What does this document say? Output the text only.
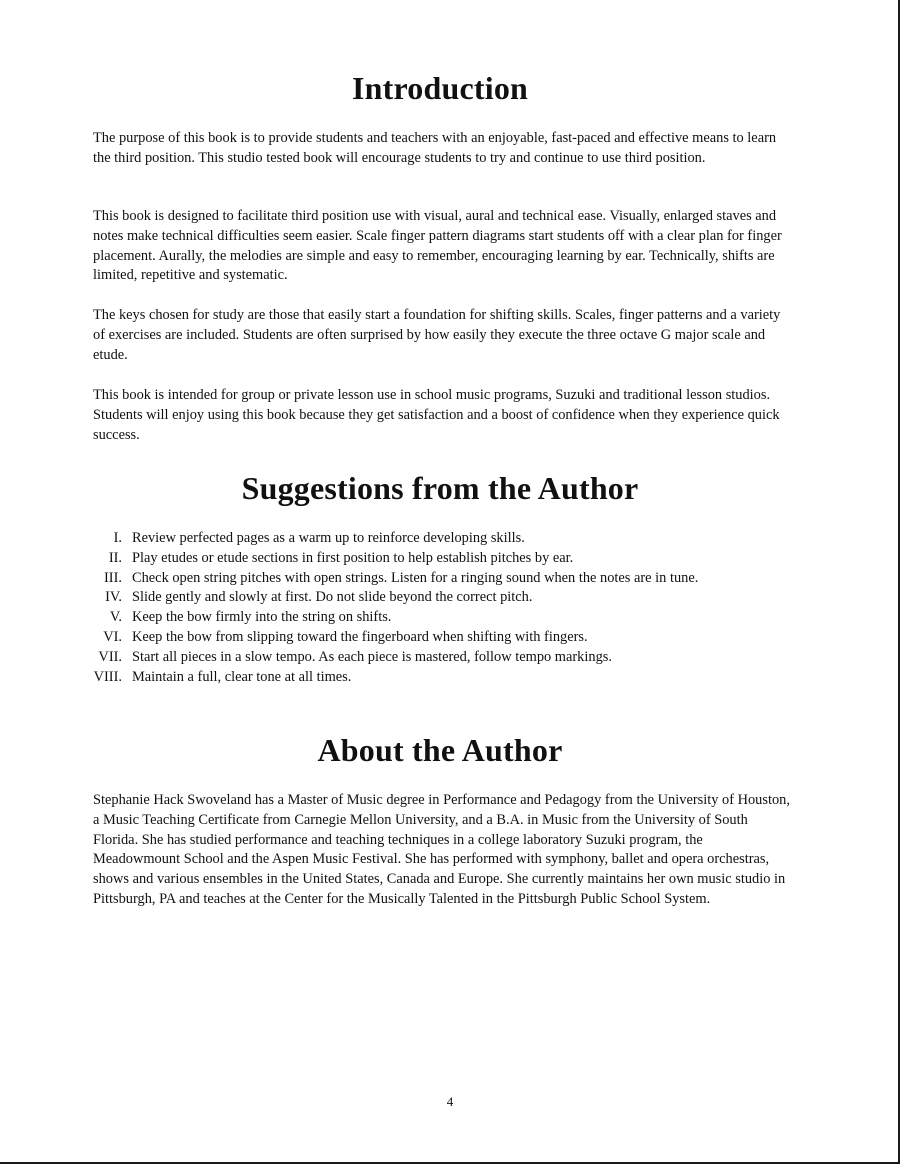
Introduction

The purpose of this book is to provide students and teachers with an enjoyable, fast-paced and effective means to learn the third position. This studio tested book will encourage students to try and continue to use third position.

This book is designed to facilitate third position use with visual, aural and technical ease. Visually, enlarged staves and notes make technical difficulties seem easier. Scale finger pattern diagrams start students off with a clear plan for finger placement. Aurally, the melodies are simple and easy to remember, encouraging learning by ear. Technically, shifts are limited, repetitive and systematic.

The keys chosen for study are those that easily start a foundation for shifting skills. Scales, finger patterns and a variety of exercises are included. Students are often surprised by how easily they execute the three octave G major scale and etude.

This book is intended for group or private lesson use in school music programs, Suzuki and traditional lesson studios. Students will enjoy using this book because they get satisfaction and a boost of confidence when they experience quick success.

Suggestions from the Author
I. Review perfected pages as a warm up to reinforce developing skills.
II. Play etudes or etude sections in first position to help establish pitches by ear.
III. Check open string pitches with open strings. Listen for a ringing sound when the notes are in tune.
IV. Slide gently and slowly at first. Do not slide beyond the correct pitch.
V. Keep the bow firmly into the string on shifts.
VI. Keep the bow from slipping toward the fingerboard when shifting with fingers.
VII. Start all pieces in a slow tempo. As each piece is mastered, follow tempo markings.
VIII. Maintain a full, clear tone at all times.
About the Author

Stephanie Hack Swoveland has a Master of Music degree in Performance and Pedagogy from the University of Houston, a Music Teaching Certificate from Carnegie Mellon University, and a B.A. in Music from the University of South Florida. She has studied performance and teaching techniques in a college laboratory Suzuki program, the Meadowmount School and the Aspen Music Festival. She has performed with symphony, ballet and opera orchestras, shows and various ensembles in the United States, Canada and Europe. She currently maintains her own music studio in Pittsburgh, PA and teaches at the Center for the Musically Talented in the Pittsburgh Public School System.

4
